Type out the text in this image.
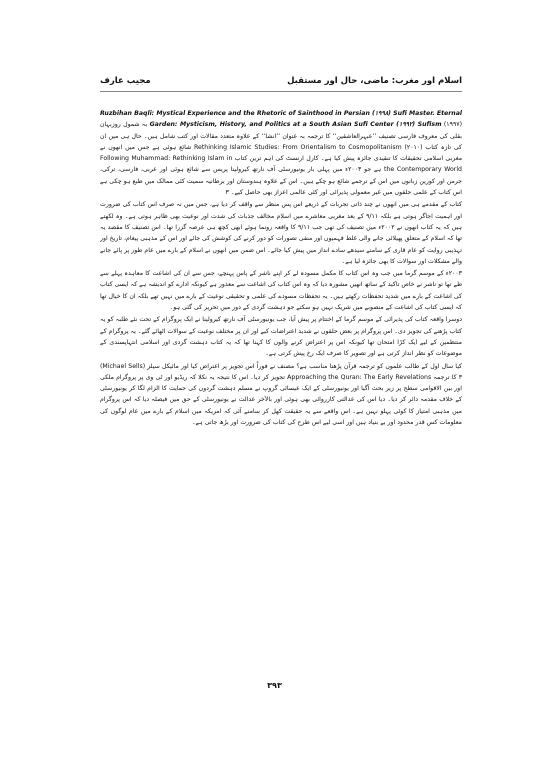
اسلام اور مغرب: ماضی، حال اور مستقبل
مجیب عارف

Ruzbihan Baqli: Mystical Experience and the Rhetoric of Sainthood in Persian (۱۹۹۸) Sufi Master. Eternal Garden: Mysticism, History, and Politics at a South Asian Sufi Center (۱۹۹۲) Sufism (۱۹۹۷) بہ شمول روزبہان بقلی کی معروف فارسی تصنیف ’’عبہرالعاشقین‘‘ کا ترجمہ بہ عنوان ’’انشا‘‘ کے علاوہ متعدد مقالات اور کتب شامل ہیں۔ حال ہی میں ان کی تازہ کتاب Rethinking Islamic Studies: From Orientalism to Cosmopolitanism (۲۰۱۰) شائع ہوئی ہے جس میں انھوں نے مغربی اسلامی تحقیقات کا تنقیدی جائزہ پیش کیا ہے۔ کارل ارنسٹ کی اہم ترین کتاب Following Muhammad: Rethinking Islam in the Contemporary World ہے جو ۲۰۰۳ء میں پہلی بار یونیورسٹی آف نارتھ کیرولینا پریس سے شائع ہوئی اور عربی، فارسی، ترکی، جرمن اور کورین زبانوں میں اس کے ترجمے شائع ہو چکے ہیں۔ اس کے علاوہ ہندوستان اور برطانیہ سمیت کئی ممالک میں طبع ہو چکی ہے اس کتاب کے علمی حلقوں میں غیر معمولی پذیرائی اور کئی عالمی اعزاز بھی حاصل کیے۔ ۳

کتاب کے مقدمے ہی میں انھوں نے چند ذاتی تجربات کے ذریعے اس پس منظر سے واقف کر دیا ہے، جس میں نہ صرف اس کتاب کی ضرورت اور اہمیت اجاگر ہوتی ہے بلکہ ۹/۱۱ کے بعد مغربی معاشرے میں اسلام مخالف جذبات کی شدت اور نوعیت بھی ظاہر ہوتی ہے۔ وہ لکھتے ہیں کہ یہ کتاب انھوں نے ۲۰۰۲ء میں تصنیف کی تھی جب ۹/۱۱ کا واقعہ رونما ہوئے ابھی کچھ ہی عرصہ گزرا تھا۔ اس تصنیف کا مقصد یہ تھا کہ اسلام کے متعلق پھیلائی جانے والی غلط فہمیوں اور منفی تصورات کو دور کرنے کی کوشش کی جائے اور اس کے مذہبی پیغام، تاریخ اور تہذیبی روایت کو عام قاری کے سامنے سیدھے سادے انداز میں پیش کیا جائے۔ اس ضمن میں انھوں نے اسلام کے بارے میں عام طور پر پائے جانے والے مشکلات اور سوالات کا بھی جائزہ لیا ہے۔

۲۰۰۳ء کے موسم گرما میں جب وہ اس کتاب کا مکمل مسودہ لے کر اپنے ناشر کے پاس پہنچے، جس سے ان کی اشاعت کا معاہدہ پہلے سے طے تھا تو ناشر نے خاص تاکید کے ساتھ انھیں مشورہ دیا کہ وہ اس کتاب کی اشاعت سے معذور ہے کیونکہ ادارے کو اندیشہ ہے کہ ایسی کتاب کی اشاعت کے بارے میں شدید تحفظات رکھتے ہیں۔ یہ تحفظات مسودے کی علمی و تحقیقی نوعیت کے بارے میں نہیں تھے بلکہ ان کا خیال تھا کہ ایسی کتاب کی اشاعت کے منصوبے میں شریک نہیں ہو سکتے جو دہشت گردی کے دور میں تحریر کی گئی ہو۔

دوسرا واقعہ کتاب کی پذیرائی کے موسم گرما کے اختتام پر پیش آیا، جب یونیورسٹی آف نارتھ کیرولینا نے ایک پروگرام کے تحت نئے طلبہ کو یہ کتاب پڑھنے کی تجویز دی۔ اس پروگرام پر بعض حلقوں نے شدید اعتراضات کیے اور ان پر مختلف نوعیت کے سوالات اٹھائے گئے۔ یہ پروگرام کے منتظمین کے لیے ایک کڑا امتحان تھا کیونکہ اس پر اعتراض کرنے والوں کا کہنا تھا کہ یہ کتاب دہشت گردی اور اسلامی انتہاپسندی کے موضوعات کو نظر انداز کرتی ہے اور تصویر کا صرف ایک رخ پیش کرتی ہے۔

کیا سال اول کے طالب علموں کو ترجمہ قرآن پڑھنا مناسب ہے؟ مصنف نے فوراً اس تجویز پر اعتراض کیا اور مائیکل سیلز (Michael Sells) ۳ کا ترجمہ Approaching the Quran: The Early Revelations تجویز کر دیا۔ اس کا نتیجہ یہ نکلا کہ ریڈیو اور ٹی وی پر پروگرام ملکی اور بین الاقوامی سطح پر زیر بحث آگیا اور یونیورسٹی کے ایک عیسائی گروپ نے مسلم دہشت گردوں کی حمایت کا الزام لگا کر یونیورسٹی کے خلاف مقدمہ دائر کر دیا۔ دیا اس کی عدالتی کارروائی بھی ہوئی اور بالآخر عدالت نے یونیورسٹی کے حق میں فیصلہ دیا کہ اس پروگرام میں مذہبی امتیاز کا کوئی پہلو نہیں ہے۔ اس واقعے سے یہ حقیقت کھل کر سامنے آئی کہ امریکہ میں اسلام کے بارے میں عام لوگوں کی معلومات کس قدر محدود اور بے بنیاد ہیں اور اسی لیے اس طرح کی کتاب کی ضرورت اور بڑھ جاتی ہے۔

۳۹۳
